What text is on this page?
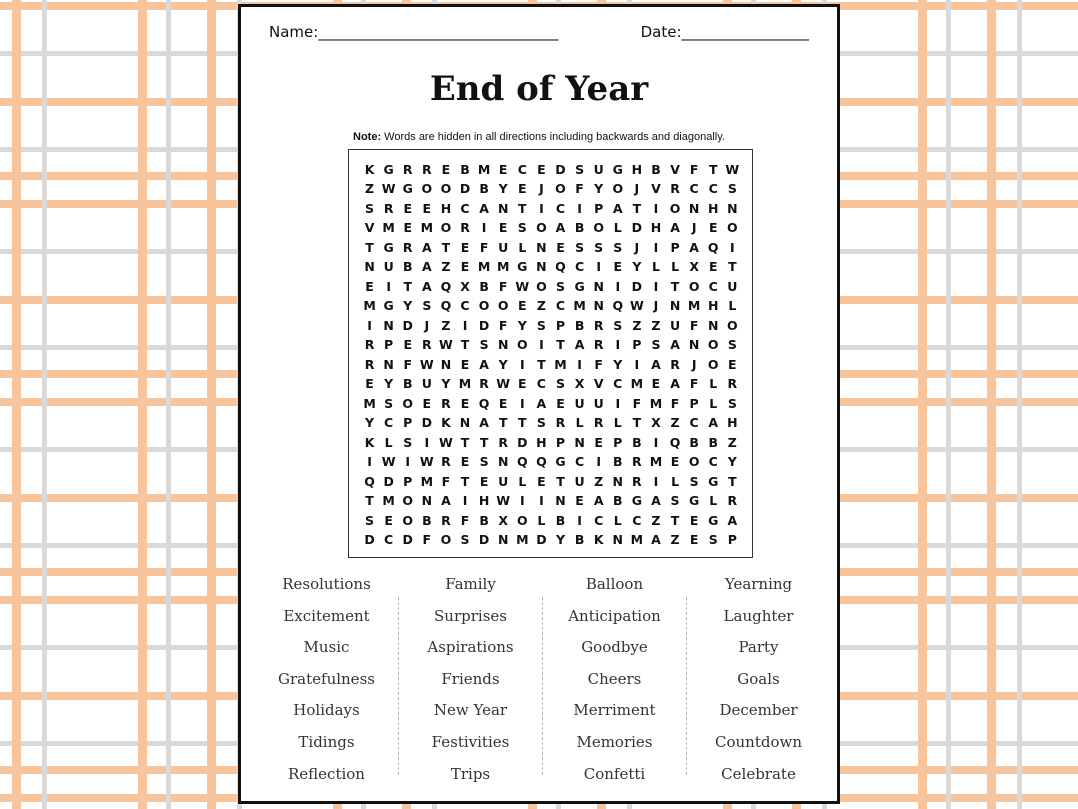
Name:________________________________	Date:_________________
End of Year
Note: Words are hidden in all directions including backwards and diagonally.
K G R R E B M E C E D S U G H B V F T W
Z W G O O D B Y E	J O F Y O J V R C C S
S R E E H C A N T	I C I P A T	I O N H N
V M E M O R I E S O A B O L D H A J E O
T G R A T E F U L N E S S S J	I P A Q I
N U B A Z E M M G N Q C I E Y L L X E T
E	I	T A Q X B F W O S G N I D I	T O C U
M G Y S Q C O O E Z C M N Q W J N M H L
I N D J Z I D F Y S P B R S Z Z U F N O
R P E R W T S N O I	T A R I P S A N O S
R N F W N E A Y I	T M I F Y I A R J O E
E Y B U Y M R W E C S X V C M E A F L R
M S O E R E Q E	I A E U U I F M F P L S
Y C P D K N A T T S R L R L T X Z C A H
K L S I W T T R D H P N E P B I Q B B Z
I W I W R E S N Q Q G C I B R M E O C Y
Q D P M F T E U L E T U Z N R I	L S G T
T M O N A I H W I	I N E A B G A S G L R
S E O B R F B X O L B I C L C Z T E G A
D C D F O S D N M D Y B K N M A Z E S P
Resolutions
Excitement
Music
Gratefulness
Holidays
Tidings
Reflection
Family
Surprises
Aspirations
Friends
New Year
Festivities
Trips
Balloon
Anticipation
Goodbye
Cheers
Merriment
Memories
Confetti
Yearning
Laughter
Party
Goals
December
Countdown
Celebrate
